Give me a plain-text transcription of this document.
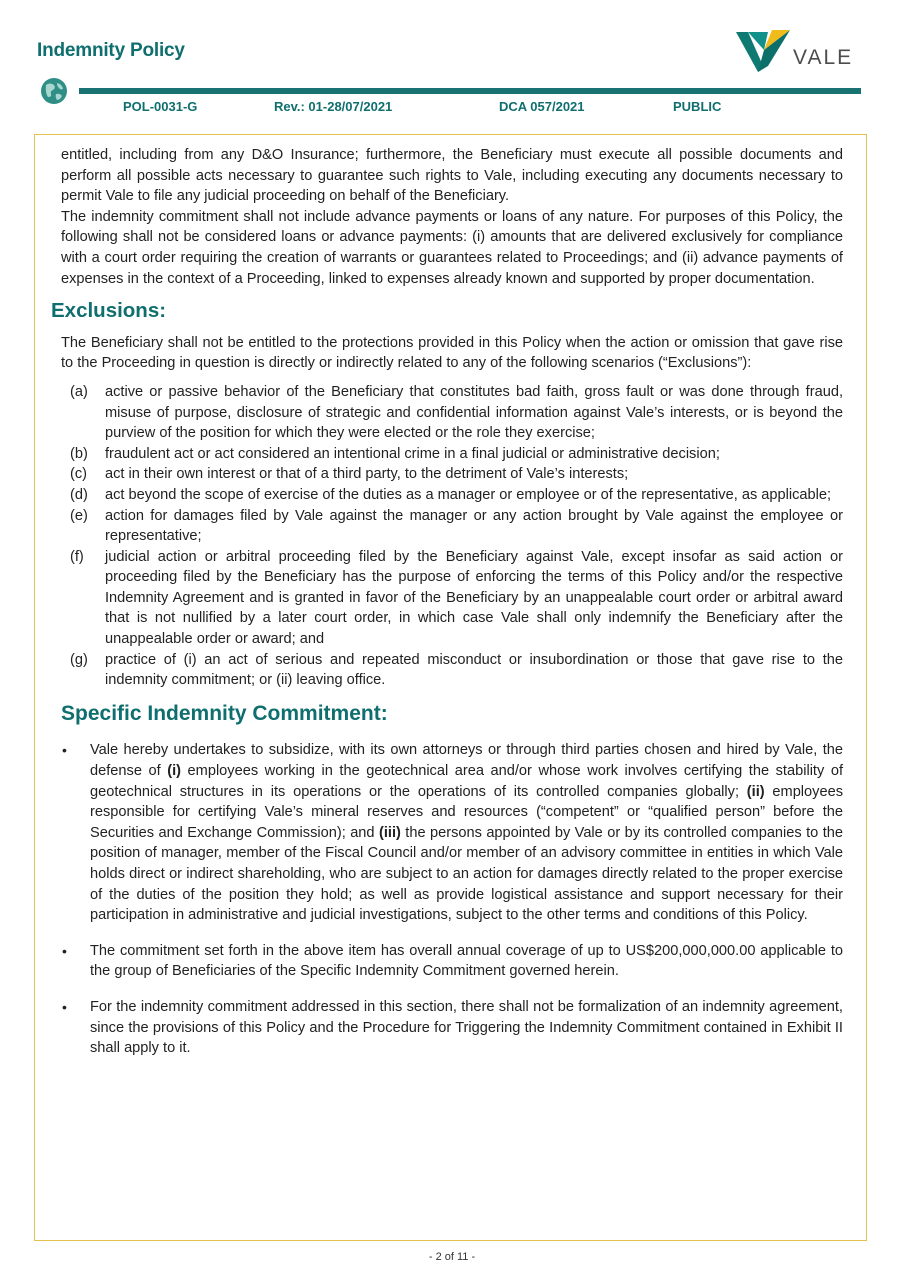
Indemnity Policy	VALE
POL-0031-G	Rev.: 01-28/07/2021	DCA 057/2021	PUBLIC

entitled, including from any D&O Insurance; furthermore, the Beneficiary must execute all possible documents and perform all possible acts necessary to guarantee such rights to Vale, including executing any documents necessary to permit Vale to file any judicial proceeding on behalf of the Beneficiary.

The indemnity commitment shall not include advance payments or loans of any nature. For purposes of this Policy, the following shall not be considered loans or advance payments: (i) amounts that are delivered exclusively for compliance with a court order requiring the creation of warrants or guarantees related to Proceedings; and (ii) advance payments of expenses in the context of a Proceeding, linked to expenses already known and supported by proper documentation.

Exclusions:

The Beneficiary shall not be entitled to the protections provided in this Policy when the action or omission that gave rise to the Proceeding in question is directly or indirectly related to any of the following scenarios (“Exclusions”):

(a)	active or passive behavior of the Beneficiary that constitutes bad faith, gross fault or was done through fraud, misuse of purpose, disclosure of strategic and confidential information against Vale’s interests, or is beyond the purview of the position for which they were elected or the role they exercise;
(b)	fraudulent act or act considered an intentional crime in a final judicial or administrative decision;
(c)	act in their own interest or that of a third party, to the detriment of Vale’s interests;
(d)	act beyond the scope of exercise of the duties as a manager or employee or of the representative, as applicable;
(e)	action for damages filed by Vale against the manager or any action brought by Vale against the employee or representative;
(f)	judicial action or arbitral proceeding filed by the Beneficiary against Vale, except insofar as said action or proceeding filed by the Beneficiary has the purpose of enforcing the terms of this Policy and/or the respective Indemnity Agreement and is granted in favor of the Beneficiary by an unappealable court order or arbitral award that is not nullified by a later court order, in which case Vale shall only indemnify the Beneficiary after the unappealable order or award; and
(g)	practice of (i) an act of serious and repeated misconduct or insubordination or those that gave rise to the indemnity commitment; or (ii) leaving office.
Specific Indemnity Commitment:
•	Vale hereby undertakes to subsidize, with its own attorneys or through third parties chosen and hired by Vale, the defense of (i) employees working in the geotechnical area and/or whose work involves certifying the stability of geotechnical structures in its operations or the operations of its controlled companies globally; (ii) employees responsible for certifying Vale’s mineral reserves and resources (“competent” or “qualified person” before the Securities and Exchange Commission); and (iii) the persons appointed by Vale or by its controlled companies to the position of manager, member of the Fiscal Council and/or member of an advisory committee in entities in which Vale holds direct or indirect shareholding, who are subject to an action for damages directly related to the proper exercise of the duties of the position they hold; as well as provide logistical assistance and support necessary for their participation in administrative and judicial investigations, subject to the other terms and conditions of this Policy.
•	The commitment set forth in the above item has overall annual coverage of up to US$200,000,000.00 applicable to the group of Beneficiaries of the Specific Indemnity Commitment governed herein.
•	For the indemnity commitment addressed in this section, there shall not be formalization of an indemnity agreement, since the provisions of this Policy and the Procedure for Triggering the Indemnity Commitment contained in Exhibit II shall apply to it.
- 2 of 11 -
